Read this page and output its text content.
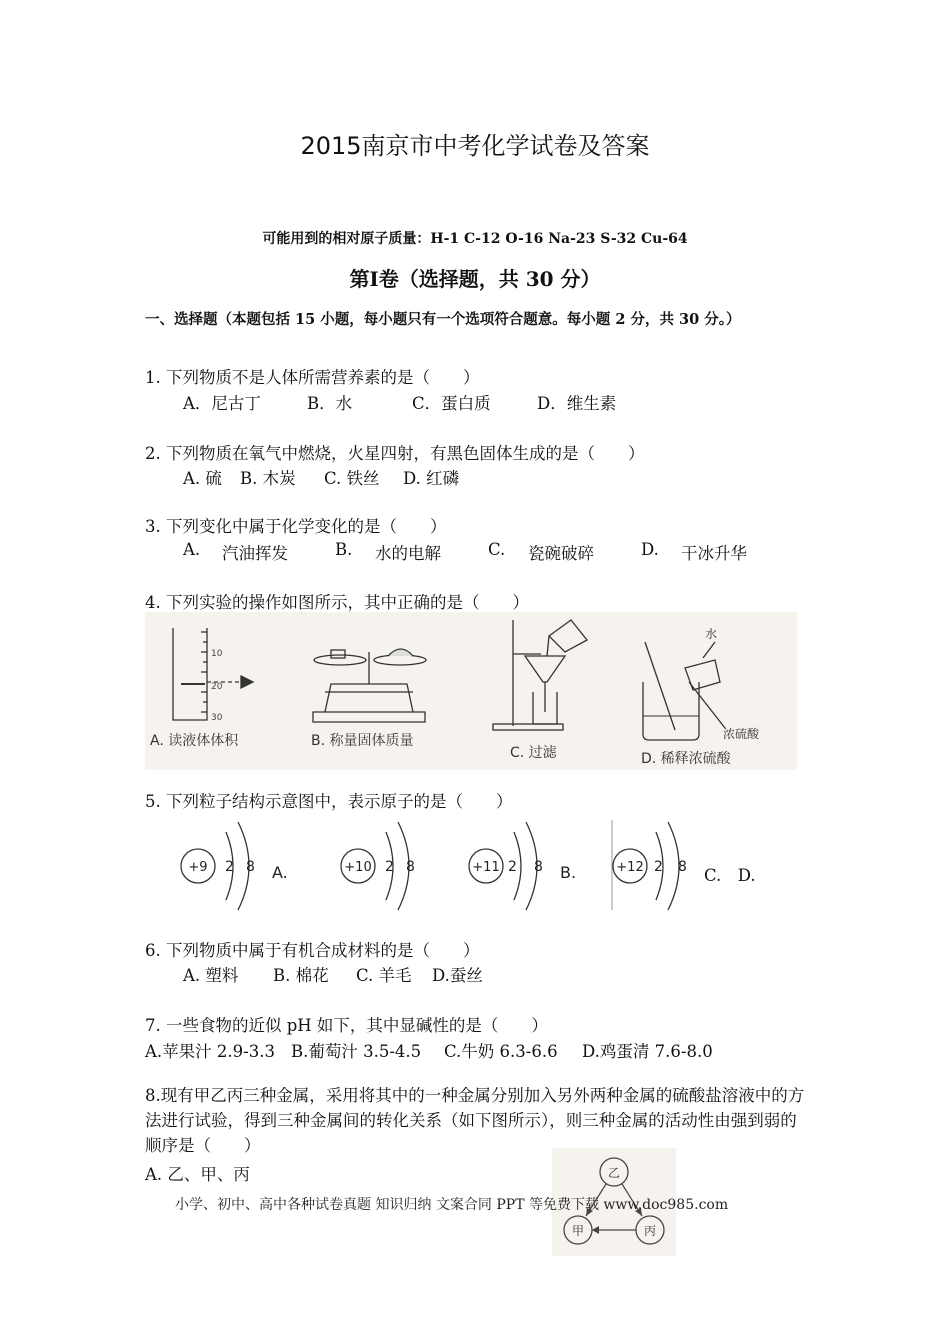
2015南京市中考化学试卷及答案
可能用到的相对原子质量：H-1 C-12 O-16 Na-23 S-32 Cu-64
第Ⅰ卷（选择题，共 30 分）
一、选择题（本题包括 15 小题，每小题只有一个选项符合题意。每小题 2 分，共 30 分。）
1. 下列物质不是人体所需营养素的是（　　）
A．尼古丁	B．水	C．蛋白质	D．维生素
2. 下列物质在氧气中燃烧，火星四射，有黑色固体生成的是（　　）
A. 硫 B. 木炭 C. 铁丝 D. 红磷
3. 下列变化中属于化学变化的是（　　）
A. 汽油挥发	B. 水的电解	C. 瓷碗破碎	D. 干冰升华
4. 下列实验的操作如图所示，其中正确的是（　　）
10
20
30
A. 读液体体积	B. 称量固体质量
C. 过滤
水
浓硫酸
D. 稀释浓硫酸
5. 下列粒子结构示意图中，表示原子的是（　　）
+9 2 8 A.	+10 2 8	+11 2 8 B.	+12 2 8 C.　D.
6. 下列物质中属于有机合成材料的是（　　）
A. 塑料 B. 棉花 C. 羊毛 D.蚕丝
7. 一些食物的近似 pH 如下，其中显碱性的是（　　）
A.苹果汁 2.9-3.3 B.葡萄汁 3.5-4.5 C.牛奶 6.3-6.6 D.鸡蛋清 7.6-8.0
8.现有甲乙丙三种金属，采用将其中的一种金属分别加入另外两种金属的硫酸盐溶液中的方法进行试验，得到三种金属间的转化关系（如下图所示），则三种金属的活动性由强到弱的顺序是（　　）
A. 乙、甲、丙	乙
甲	丙
小学、初中、高中各种试卷真题 知识归纳 文案合同 PPT 等免费下载 www.doc985.com
